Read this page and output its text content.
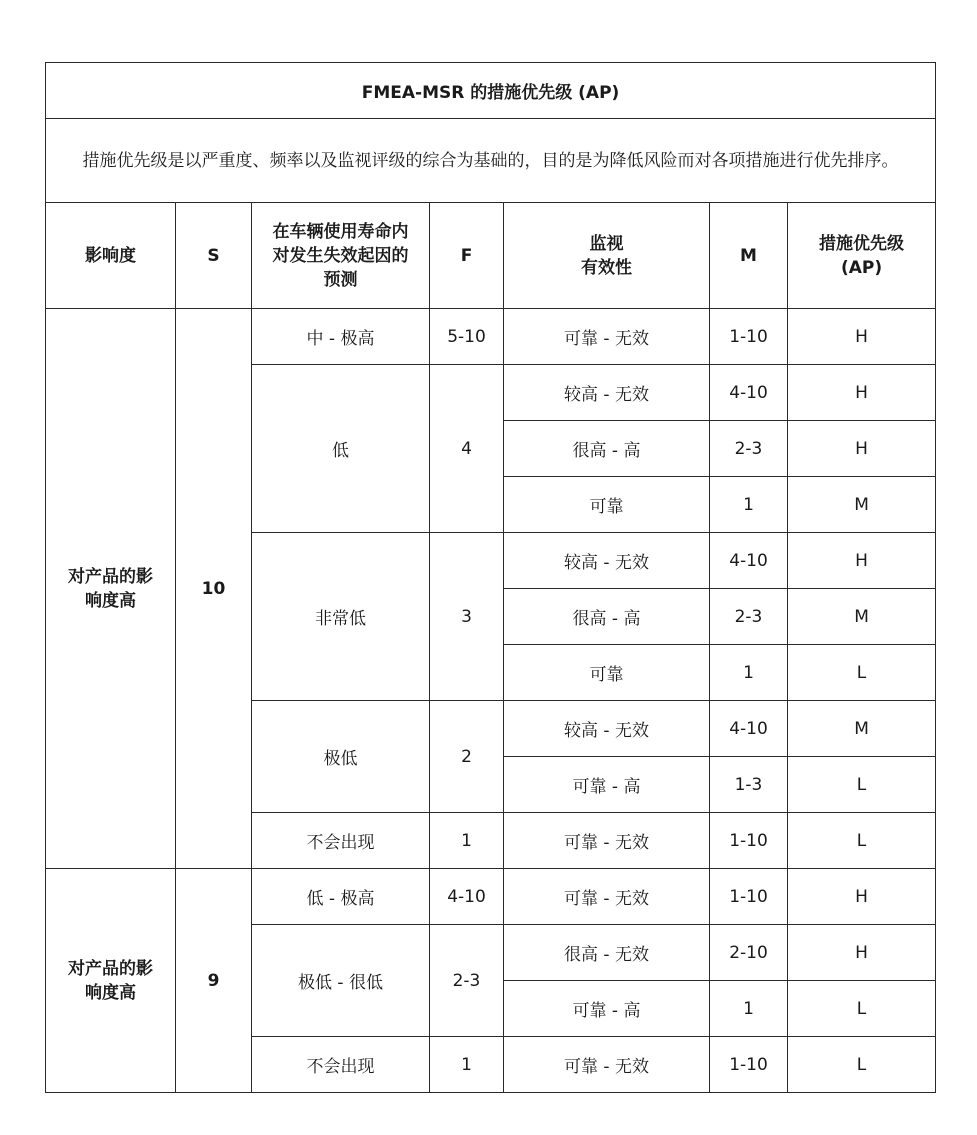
FMEA-MSR 的措施优先级 (AP)						
措施优先级是以严重度、频率以及监视评级的综合为基础的，目的是为降低风险而对各项措施进行优先排序。						
影响度	S	在车辆使用寿命内
对发生失效起因的
预测	F	监视
有效性	M	措施优先级
(AP)
对产品的影
响度高	10	中 - 极高	5-10	可靠 - 无效	1-10	H
		低	4	较高 - 无效	4-10	H
				很高 - 高	2-3	H
				可靠	1	M
		非常低	3	较高 - 无效	4-10	H
				很高 - 高	2-3	M
				可靠	1	L
		极低	2	较高 - 无效	4-10	M
				可靠 - 高	1-3	L
		不会出现	1	可靠 - 无效	1-10	L
对产品的影
响度高	9	低 - 极高	4-10	可靠 - 无效	1-10	H
		极低 - 很低	2-3	很高 - 无效	2-10	H
				可靠 - 高	1	L
		不会出现	1	可靠 - 无效	1-10	L
